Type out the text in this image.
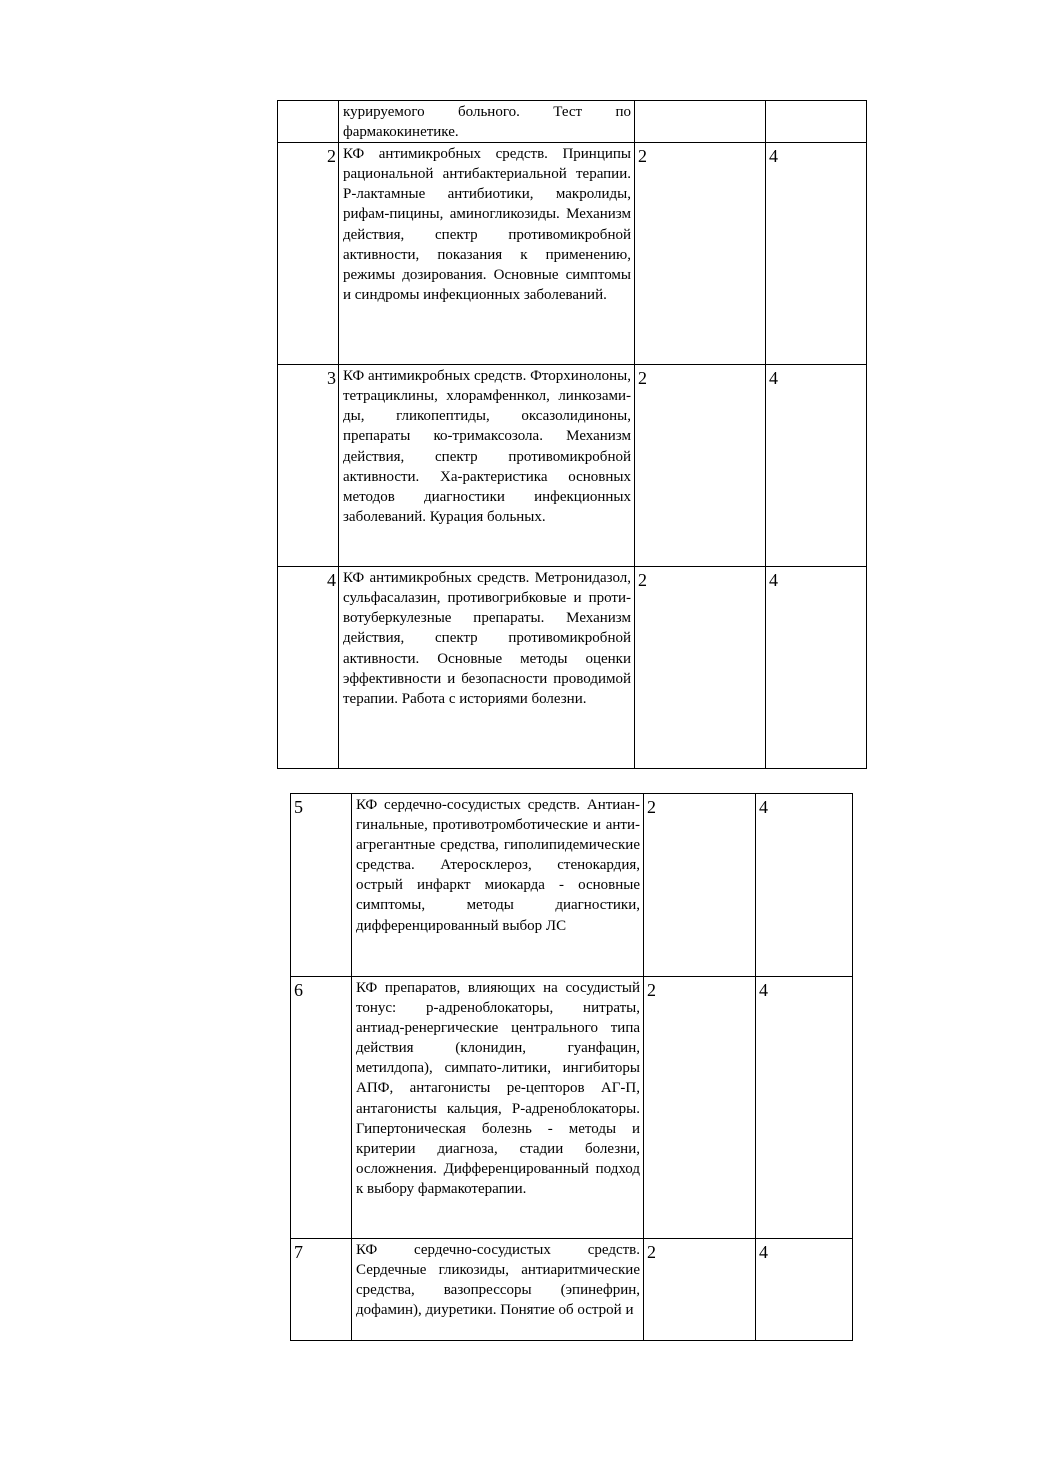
	курируемого больного. Тест по фармакокинетике.		

2	КФ антимикробных средств. Принципы рациональной антибактериальной терапии. Р-лактамные антибиотики, макролиды, рифам-пицины, аминогликозиды. Механизм действия, спектр противомикробной активности, показания к применению, режимы дозирования. Основные симптомы и синдромы инфекционных заболеваний.	2	4

3	КФ антимикробных средств. Фторхинолоны, тетрациклины, хлорамфеннкол, линкозами-ды, гликопептиды, оксазолидиноны, препараты ко-тримаксозола. Механизм действия, спектр противомикробной активности. Ха-рактеристика основных методов диагностики инфекционных заболеваний. Курация больных.	2	4

4	КФ антимикробных средств. Метронидазол, сульфасалазин, противогрибковые и проти-вотуберкулезные препараты. Механизм действия, спектр противомикробной активности. Основные методы оценки эффективности и безопасности проводимой терапии. Работа с историями болезни.	2	4
5	КФ сердечно-сосудистых средств. Антиан-гинальные, противотромботические и анти-агрегантные средства, гиполипидемические средства. Атеросклероз, стенокардия, острый инфаркт миокарда - основные симптомы, методы диагностики, дифференцированный выбор ЛС	2	4

6	КФ препаратов, влияющих на сосудистый тонус: р-адреноблокаторы, нитраты, антиад-ренергические центрального типа действия (клонидин, гуанфацин, метилдопа), симпато-литики, ингибиторы АПФ, антагонисты ре-цепторов АГ-П, антагонисты кальция, Р-адреноблокаторы. Гипертоническая болезнь - методы и критерии диагноза, стадии болезни, осложнения. Дифференцированный подход к выбору фармакотерапии.	2	4

7	КФ сердечно-сосудистых средств. Сердечные гликозиды, антиаритмические средства, вазопрессоры (эпинефрин, дофамин), диуретики. Понятие об острой и	2	4
